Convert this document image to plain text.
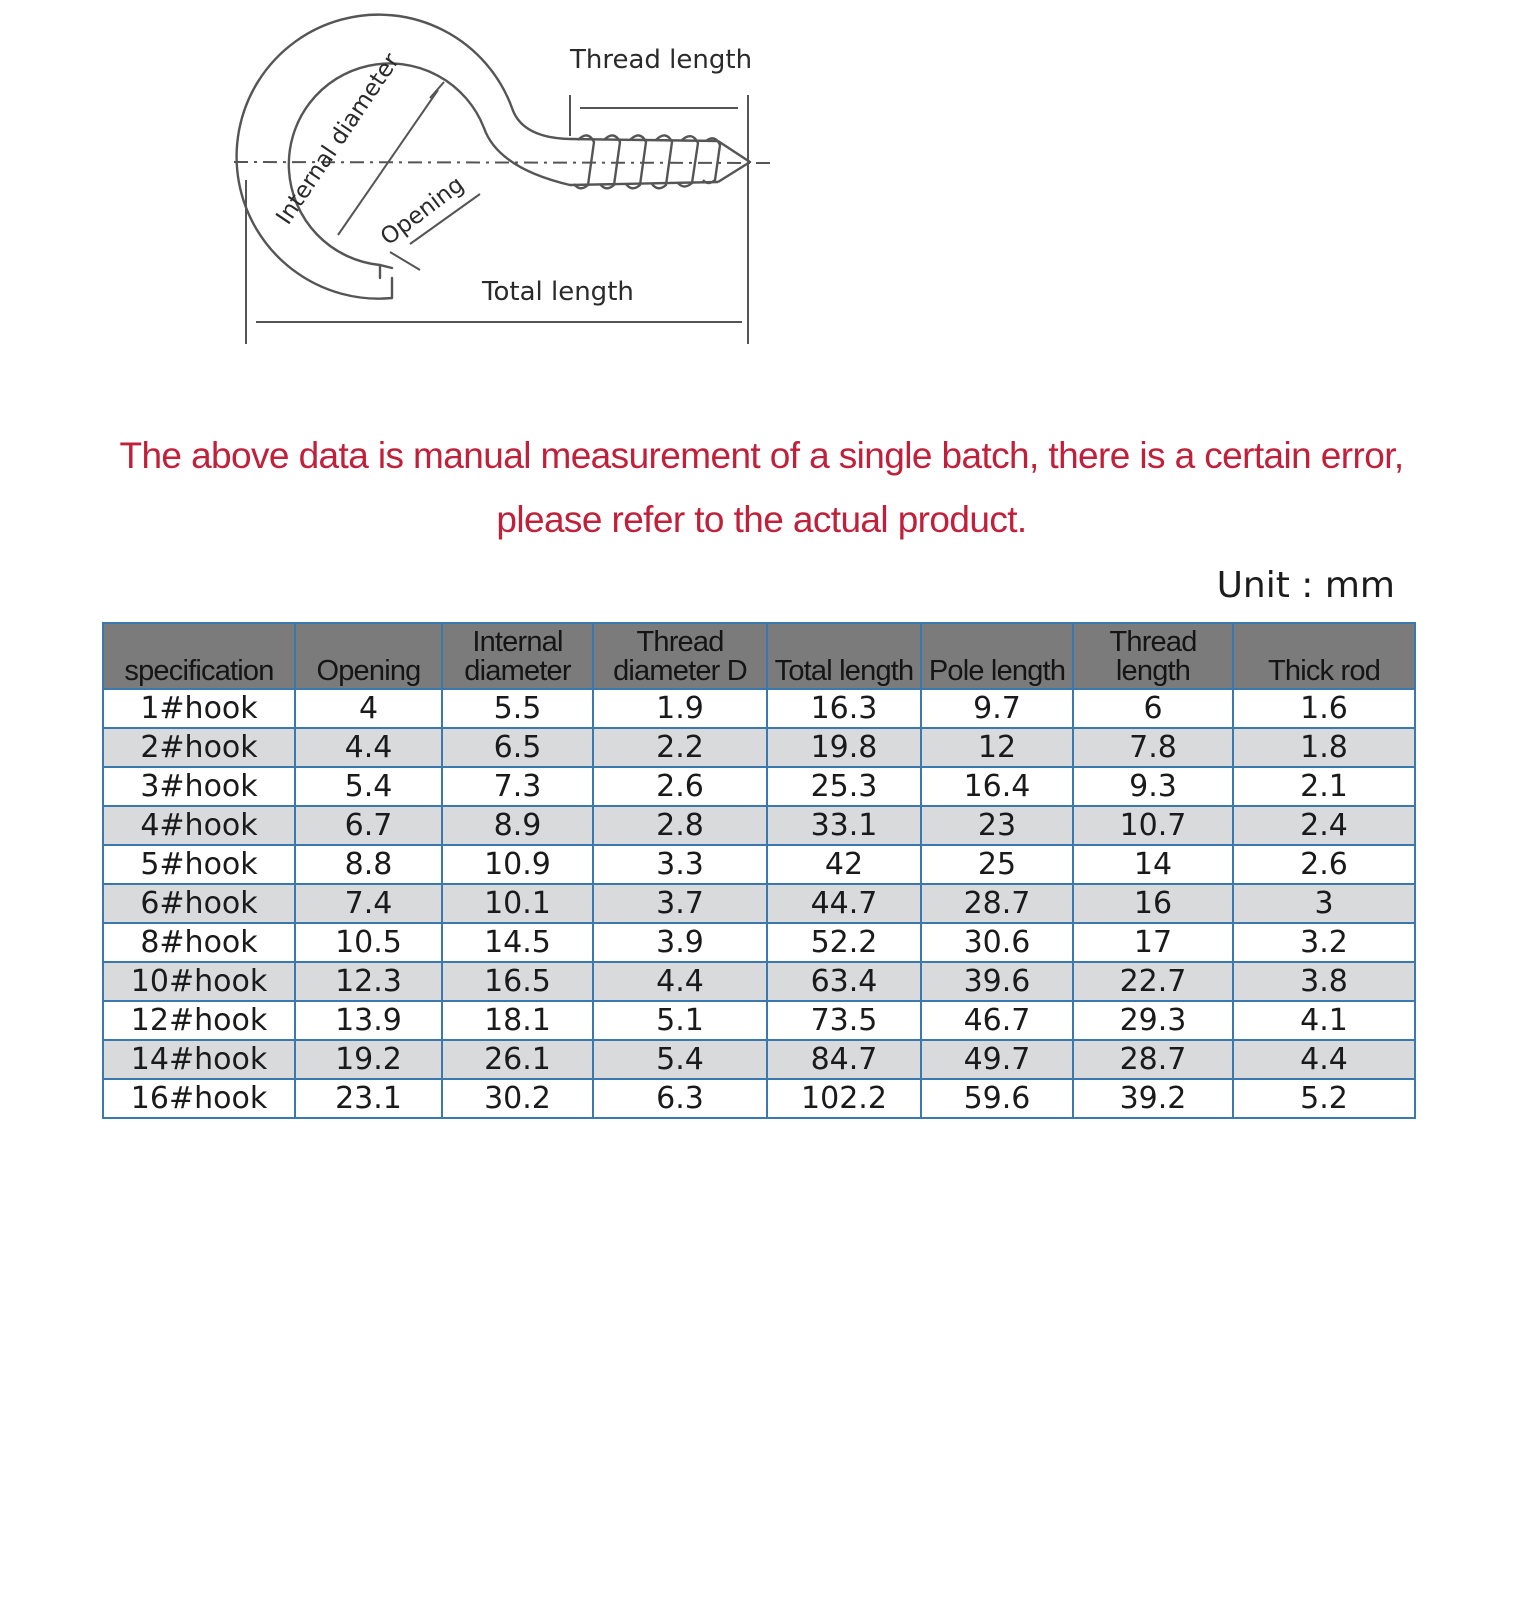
Thread length
Total length
Internal diameter
Opening
The above data is manual measurement of a single batch, there is a certain error,
please refer to the actual product.
Unit : mm
specification	Opening	Internal diameter	Thread diameter D	Total length	Pole length	Thread length	Thick rod
1#hook	4	5.5	1.9	16.3	9.7	6	1.6
2#hook	4.4	6.5	2.2	19.8	12	7.8	1.8
3#hook	5.4	7.3	2.6	25.3	16.4	9.3	2.1
4#hook	6.7	8.9	2.8	33.1	23	10.7	2.4
5#hook	8.8	10.9	3.3	42	25	14	2.6
6#hook	7.4	10.1	3.7	44.7	28.7	16	3
8#hook	10.5	14.5	3.9	52.2	30.6	17	3.2
10#hook	12.3	16.5	4.4	63.4	39.6	22.7	3.8
12#hook	13.9	18.1	5.1	73.5	46.7	29.3	4.1
14#hook	19.2	26.1	5.4	84.7	49.7	28.7	4.4
16#hook	23.1	30.2	6.3	102.2	59.6	39.2	5.2
